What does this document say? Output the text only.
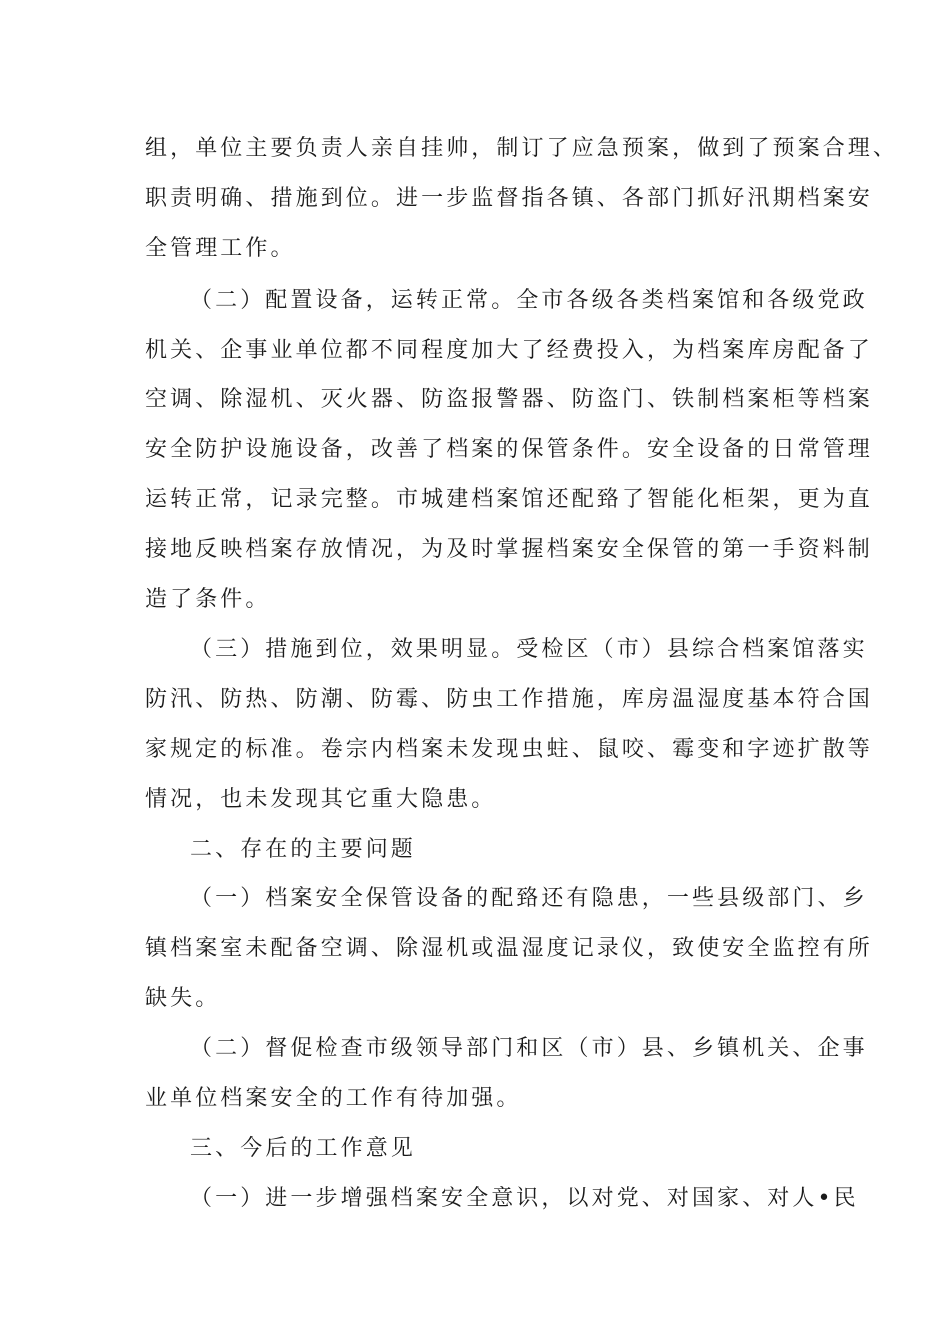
组，单位主要负责人亲自挂帅，制订了应急预案，做到了预案合理、
职责明确、措施到位。进一步监督指各镇、各部门抓好汛期档案安
全管理工作。
（二）配置设备，运转正常。全市各级各类档案馆和各级党政
机关、企事业单位都不同程度加大了经费投入，为档案库房配备了
空调、除湿机、灭火器、防盗报警器、防盗门、铁制档案柜等档案
安全防护设施设备，改善了档案的保管条件。安全设备的日常管理
运转正常，记录完整。市城建档案馆还配臵了智能化柜架，更为直
接地反映档案存放情况，为及时掌握档案安全保管的第一手资料制
造了条件。
（三）措施到位，效果明显。受检区（市）县综合档案馆落实
防汛、防热、防潮、防霉、防虫工作措施，库房温湿度基本符合国
家规定的标准。卷宗内档案未发现虫蛀、鼠咬、霉变和字迹扩散等
情况，也未发现其它重大隐患。
二、存在的主要问题
（一）档案安全保管设备的配臵还有隐患，一些县级部门、乡
镇档案室未配备空调、除湿机或温湿度记录仪，致使安全监控有所
缺失。
（二）督促检查市级领导部门和区（市）县、乡镇机关、企事
业单位档案安全的工作有待加强。
三、今后的工作意见
（一）进一步增强档案安全意识，以对党、对国家、对人•民
